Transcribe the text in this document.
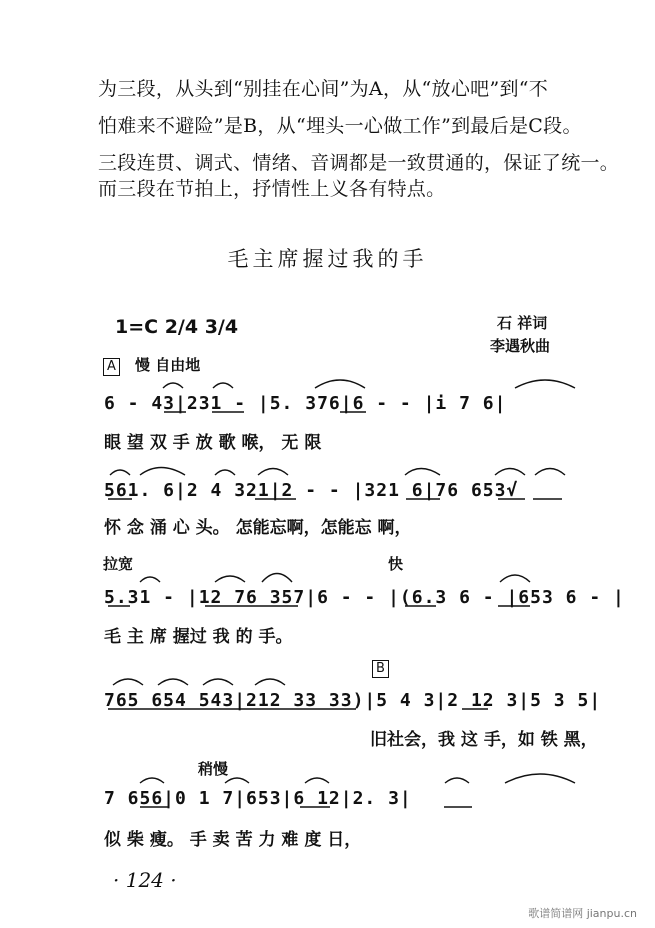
为三段，从头到“别挂在心间”为A，从“放心吧”到“不
怕难来不避险”是B，从“埋头一心做工作”到最后是C段。
三段连贯、调式、情绪、音调都是一致贯通的，保证了统一。
而三段在节拍上，抒情性上义各有特点。
毛主席握过我的手
1=C 2/4 3/4	石 祥词
李遇秋曲
A 慢 自由地
6 - 43|231 - |5. 376|6 - - |i 7 6|
眼 望 双 手 放 歌 喉， 无 限
561. 6|2 4 321|2 - - |321 6|76 653√
怀 念 涌 心 头。 怎能忘啊，怎能忘 啊，
拉宽	快
5.31 - |12 76 357|6 - - |(6.3 6 - |653 6 - |
毛 主 席 握过 我 的 手。
B
765 654 543|212 33 33)|5 4 3|2 12 3|5 3 5|
旧社会，我 这 手，如 铁 黑，
稍慢
7 656|0 1 7|653|6 12|2. 3|
似 柴 瘦。 手 卖 苦 力 难 度 日，
· 124 ·
歌谱简谱网 jianpu.cn
